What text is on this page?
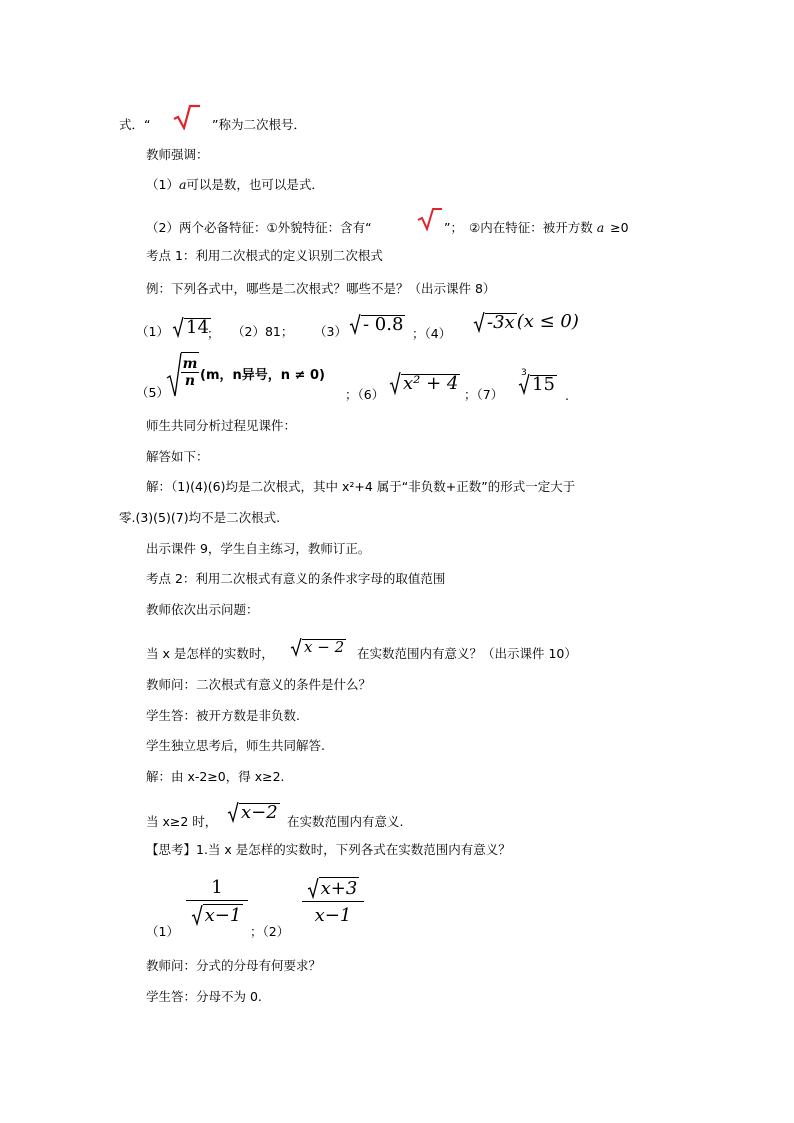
式．“	”称为二次根号．
教师强调：
（1）a可以是数，也可以是式．
（2）两个必备特征：①外貌特征：含有“	”； ②内在特征：被开方数 a ≥0
考点 1：利用二次根式的定义识别二次根式
例：下列各式中，哪些是二次根式？哪些不是？（出示课件 8）
（1） 14
； （2）81； （3） - 0.8 ；（4）
-3x (x ≤ 0)
（5）
$\frac{m}{n} (m$，n异号，n ≠ 0)
；（6）
x² + 4
；（7）
3
15
.
师生共同分析过程见课件：
解答如下：
解：（1)(4)(6)均是二次根式，其中 x²+4 属于“非负数+正数”的形式一定大于
零.(3)(5)(7)均不是二次根式.
出示课件 9，学生自主练习，教师订正。
考点 2：利用二次根式有意义的条件求字母的取值范围
教师依次出示问题：
当 x 是怎样的实数时，	x − 2 在实数范围内有意义？（出示课件 10）
教师问：二次根式有意义的条件是什么？
学生答：被开方数是非负数.
学生独立思考后，师生共同解答.
解：由 x-2≥0，得 x≥2.
当 x≥2 时，	x−2 在实数范围内有意义.
【思考】1.当 x 是怎样的实数时，下列各式在实数范围内有意义？
（1）
$\frac{1}{x-1}$
；（2）
$\frac{x+3}{x-1}$
教师问：分式的分母有何要求？
学生答：分母不为 0.
